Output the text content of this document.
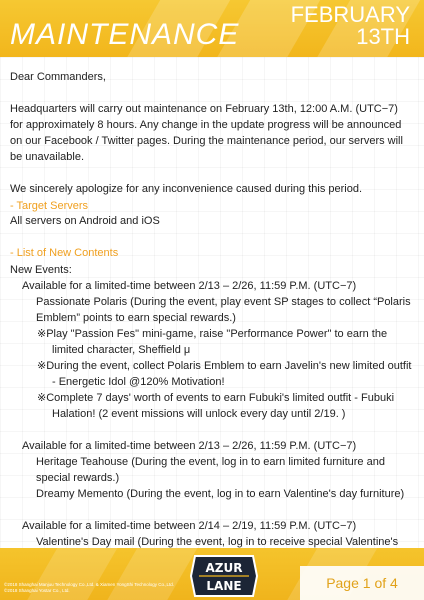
MAINTENANCE
FEBRUARY
13TH

Dear Commanders,

Headquarters will carry out maintenance on February 13th, 12:00 A.M. (UTC−7) for approximately 8 hours. Any change in the update progress will be announced on our Facebook / Twitter pages. During the maintenance period, our servers will be unavailable.

We sincerely apologize for any inconvenience caused during this period.

- Target Servers

All servers on Android and iOS

- List of New Contents

New Events:

Available for a limited-time between 2/13 – 2/26, 11:59 P.M. (UTC−7)

Passionate Polaris (During the event, play event SP stages to collect “Polaris Emblem” points to earn special rewards.)

※Play "Passion Fes" mini-game, raise "Performance Power" to earn the limited character, Sheffield μ

※During the event, collect Polaris Emblem to earn Javelin's new limited outfit - Energetic Idol @120% Motivation!

※Complete 7 days' worth of events to earn Fubuki's limited outfit - Fubuki Halation! (2 event missions will unlock every day until 2/19. )

Available for a limited-time between 2/13 – 2/26, 11:59 P.M. (UTC−7)

Heritage Teahouse (During the event, log in to earn limited furniture and special rewards.)

Dreamy Memento (During the event, log in to earn Valentine's day furniture)

Available for a limited-time between 2/14 – 2/19, 11:59 P.M. (UTC−7)

Valentine's Day mail (During the event, log in to receive special Valentine's

©2018 Shanghai Manjuu Technology Co.,Ltd. & Xiamen YongShi Technology Co.,Ltd.
©2018 Shanghai Yostar Co., Ltd.
AZUR
LANE	Page 1 of 4
